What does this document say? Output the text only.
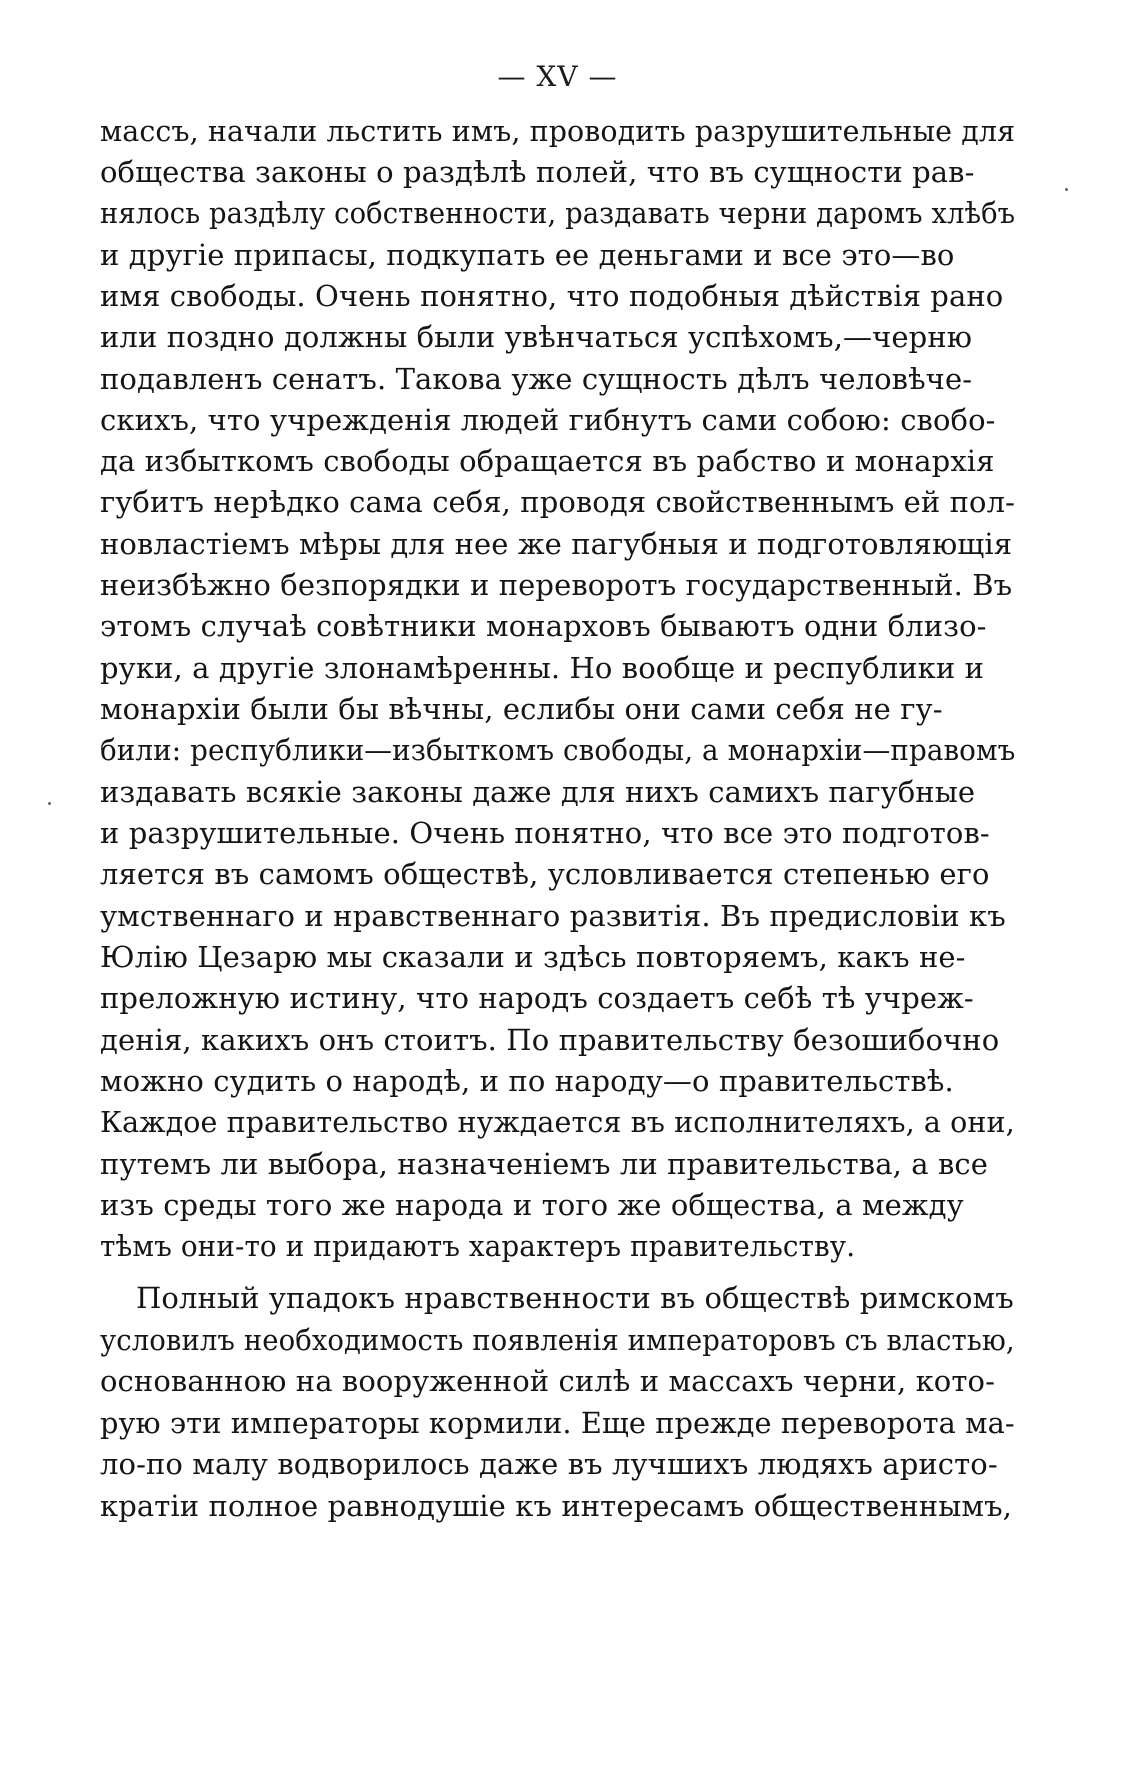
— XV —
массъ, начали льстить имъ, проводить разрушительные для
общества законы о раздѣлѣ полей, что въ сущности рав-
нялось раздѣлу собственности, раздавать черни даромъ хлѣбъ
и другіе припасы, подкупать ее деньгами и все это—во
имя свободы. Очень понятно, что подобныя дѣйствія рано
или поздно должны были увѣнчаться успѣхомъ,—черню
подавленъ сенатъ. Такова уже сущность дѣлъ человѣче-
скихъ, что учрежденія людей гибнутъ сами собою: свобо-
да избыткомъ свободы обращается въ рабство и монархія
губитъ нерѣдко сама себя, проводя свойственнымъ ей пол-
новластіемъ мѣры для нее же пагубныя и подготовляющія
неизбѣжно безпорядки и переворотъ государственный. Въ
этомъ случаѣ совѣтники монарховъ бываютъ одни близо-
руки, а другіе злонамѣренны. Но вообще и республики и
монархіи были бы вѣчны, еслибы они сами себя не гу-
били: республики—избыткомъ свободы, а монархіи—правомъ
издавать всякіе законы даже для нихъ самихъ пагубные
и разрушительные. Очень понятно, что все это подготов-
ляется въ самомъ обществѣ, условливается степенью его
умственнаго и нравственнаго развитія. Въ предисловіи къ
Юлію Цезарю мы сказали и здѣсь повторяемъ, какъ не-
преложную истину, что народъ создаетъ себѣ тѣ учреж-
денія, какихъ онъ стоитъ. По правительству безошибочно
можно судить о народѣ, и по народу—о правительствѣ.
Каждое правительство нуждается въ исполнителяхъ, а они,
путемъ ли выбора, назначеніемъ ли правительства, а все
изъ среды того же народа и того же общества, а между
тѣмъ они-то и придаютъ характеръ правительству.
Полный упадокъ нравственности въ обществѣ римскомъ
условилъ необходимость появленія императоровъ съ властью,
основанною на вооруженной силѣ и массахъ черни, кото-
рую эти императоры кормили. Еще прежде переворота ма-
ло-по малу водворилось даже въ лучшихъ людяхъ аристо-
кратіи полное равнодушіе къ интересамъ общественнымъ,
